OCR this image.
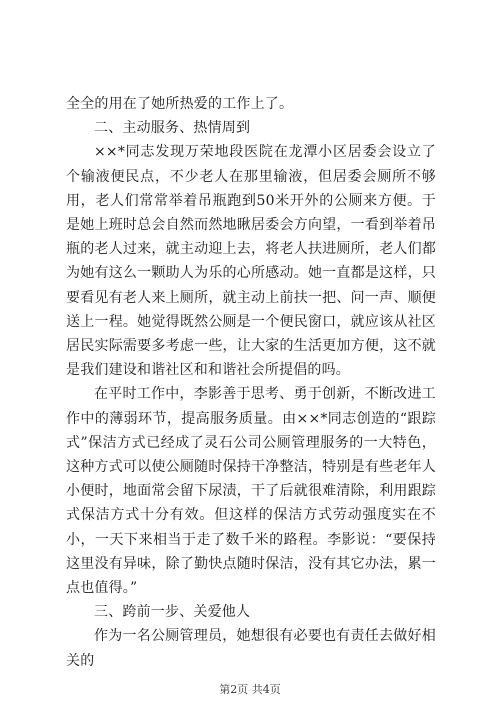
全全的用在了她所热爱的工作上了。

二、主动服务、热情周到

××*同志发现万荣地段医院在龙潭小区居委会设立了个输液便民点，不少老人在那里输液，但居委会厕所不够用，老人们常常举着吊瓶跑到50米开外的公厕来方便。于是她上班时总会自然而然地瞅居委会方向望，一看到举着吊瓶的老人过来，就主动迎上去，将老人扶进厕所，老人们都为她有这么一颗助人为乐的心所感动。她一直都是这样，只要看见有老人来上厕所，就主动上前扶一把、问一声、顺便送上一程。她觉得既然公厕是一个便民窗口，就应该从社区居民实际需要多考虑一些，让大家的生活更加方便，这不就是我们建设和谐社区和和谐社会所提倡的吗。

在平时工作中，李影善于思考、勇于创新，不断改进工作中的薄弱环节，提高服务质量。由××*同志创造的“跟踪式”保洁方式已经成了灵石公司公厕管理服务的一大特色，这种方式可以使公厕随时保持干净整洁，特别是有些老年人小便时，地面常会留下尿渍，干了后就很难清除，利用跟踪式保洁方式十分有效。但这样的保洁方式劳动强度实在不小，一天下来相当于走了数千米的路程。李影说：“要保持这里没有异味，除了勤快点随时保洁，没有其它办法，累一点也值得。”

三、跨前一步、关爱他人

作为一名公厕管理员，她想很有必要也有责任去做好相关的

第2页 共4页
